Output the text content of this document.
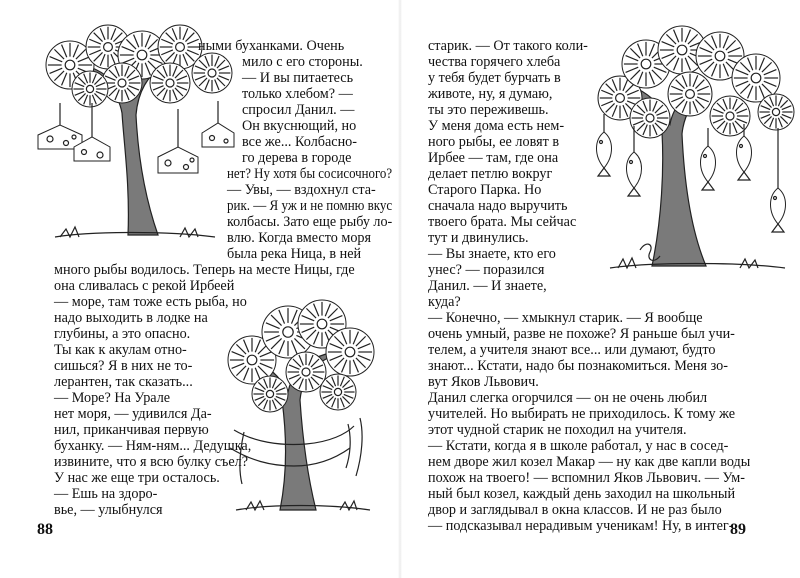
88

ными буханками. Очень

мило с его стороны.

— И вы питаетесь

только хлебом? —

спросил Данил. —

Он вкуснющий, но

все же... Колбасно-

го дерева в городе

нет? Ну хотя бы сосисочного?

— Увы, — вздохнул ста-

рик. — Я уж и не помню вкус

колбасы. Зато еще рыбу ло-

влю. Когда вместо моря

была река Ница, в ней

много рыбы водилось. Теперь на месте Ницы, где

она сливалась с рекой Ирбеей

— море, там тоже есть рыба, но

надо выходить в лодке на

глубины, а это опасно.

Ты как к акулам отно-

сишься? Я в них не то-

лерантен, так сказать...

— Море? На Урале

нет моря, — удивился Да-

нил, приканчивая первую

буханку. — Ням-ням... Дедушка,

извините, что я всю булку съел?

У нас же еще три осталось.

— Ешь на здоро-

вье, — улыбнулся

89

старик. — От такого коли-

чества горячего хлеба

у тебя будет бурчать в

животе, ну, я думаю,

ты это переживешь.

У меня дома есть нем-

ного рыбы, ее ловят в

Ирбее — там, где она

делает петлю вокруг

Старого Парка. Но

сначала надо выручить

твоего брата. Мы сейчас

тут и двинулись.

— Вы знаете, кто его

унес? — поразился

Данил. — И знаете,

куда?

— Конечно, — хмыкнул старик. — Я вообще

очень умный, разве не похоже? Я раньше был учи-

телем, а учителя знают все... или думают, будто

знают... Кстати, надо бы познакомиться. Меня зо-

вут Яков Львович.

Данил слегка огорчился — он не очень любил

учителей. Но выбирать не приходилось. К тому же

этот чудной старик не походил на учителя.

— Кстати, когда я в школе работал, у нас в сосед-

нем дворе жил козел Макар — ну как две капли воды

похож на твоего! — вспомнил Яков Львович. — Ум-

ный был козел, каждый день заходил на школьный

двор и заглядывал в окна классов. И не раз было

— подсказывал нерадивым ученикам! Ну, в интег-
